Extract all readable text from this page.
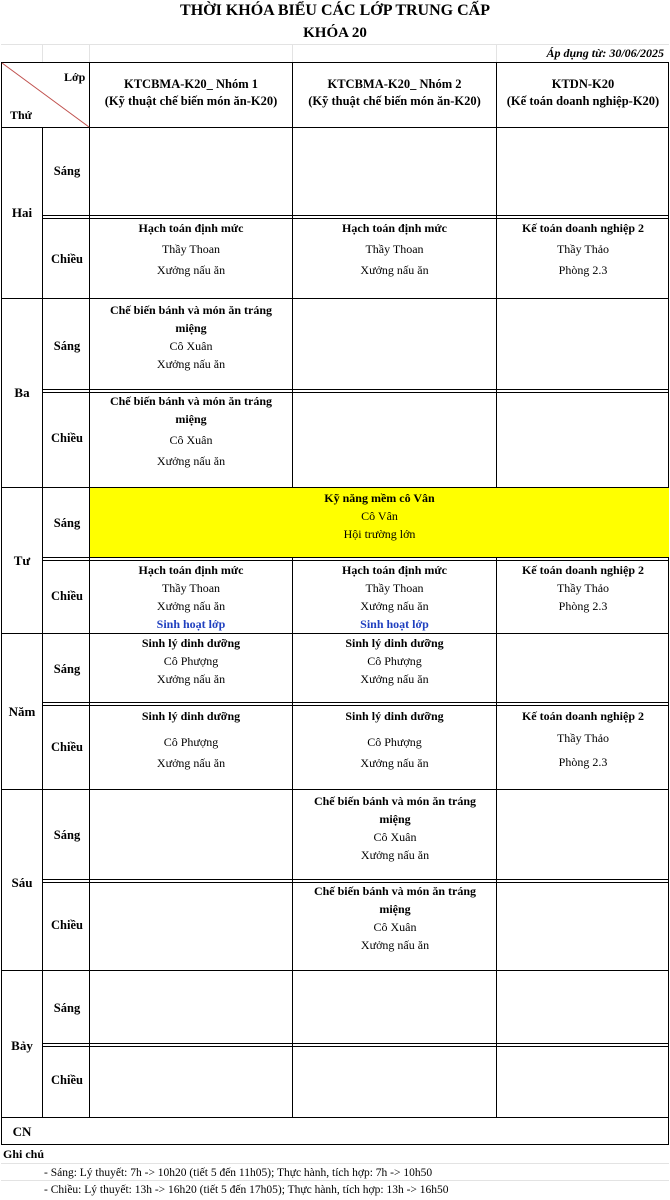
THỜI KHÓA BIỂU CÁC LỚP TRUNG CẤP
KHÓA 20
Áp dụng từ: 30/06/2025
Lớp
Thứ
KTCBMA-K20_ Nhóm 1
(Kỹ thuật chế biến món ăn-K20)
KTCBMA-K20_ Nhóm 2
(Kỹ thuật chế biến món ăn-K20)
KTDN-K20
(Kế toán doanh nghiệp-K20)
Hai
Ba
Tư
Năm
Sáu
Bảy
CN
Sáng
Chiều
Sáng
Chiều
Sáng
Chiều
Sáng
Chiều
Sáng
Chiều
Sáng
Chiều
Hạch toán định mức
Thầy Thoan
Xưởng nấu ăn
Hạch toán định mức
Thầy Thoan
Xưởng nấu ăn
Kế toán doanh nghiệp 2
Thầy Thảo
Phòng 2.3
Chế biến bánh và món ăn tráng miệng
Cô Xuân
Xưởng nấu ăn
Chế biến bánh và món ăn tráng miệng
Cô Xuân
Xưởng nấu ăn
Kỹ năng mềm cô Vân
Cô Vân
Hội trường lớn
Hạch toán định mức
Thầy Thoan
Xưởng nấu ăn
Sinh hoạt lớp
Hạch toán định mức
Thầy Thoan
Xưởng nấu ăn
Sinh hoạt lớp
Kế toán doanh nghiệp 2
Thầy Thảo
Phòng 2.3
Sinh lý dinh dưỡng
Cô Phượng
Xưởng nấu ăn
Sinh lý dinh dưỡng
Cô Phượng
Xưởng nấu ăn
Sinh lý dinh dưỡng
Cô Phượng
Xưởng nấu ăn
Sinh lý dinh dưỡng
Cô Phượng
Xưởng nấu ăn
Kế toán doanh nghiệp 2
Thầy Thảo
Phòng 2.3
Chế biến bánh và món ăn tráng miệng
Cô Xuân
Xưởng nấu ăn
Chế biến bánh và món ăn tráng miệng
Cô Xuân
Xưởng nấu ăn
Ghi chú
- Sáng: Lý thuyết: 7h -> 10h20 (tiết 5 đến 11h05); Thực hành, tích hợp: 7h -> 10h50
- Chiều: Lý thuyết: 13h -> 16h20 (tiết 5 đến 17h05); Thực hành, tích hợp: 13h -> 16h50
